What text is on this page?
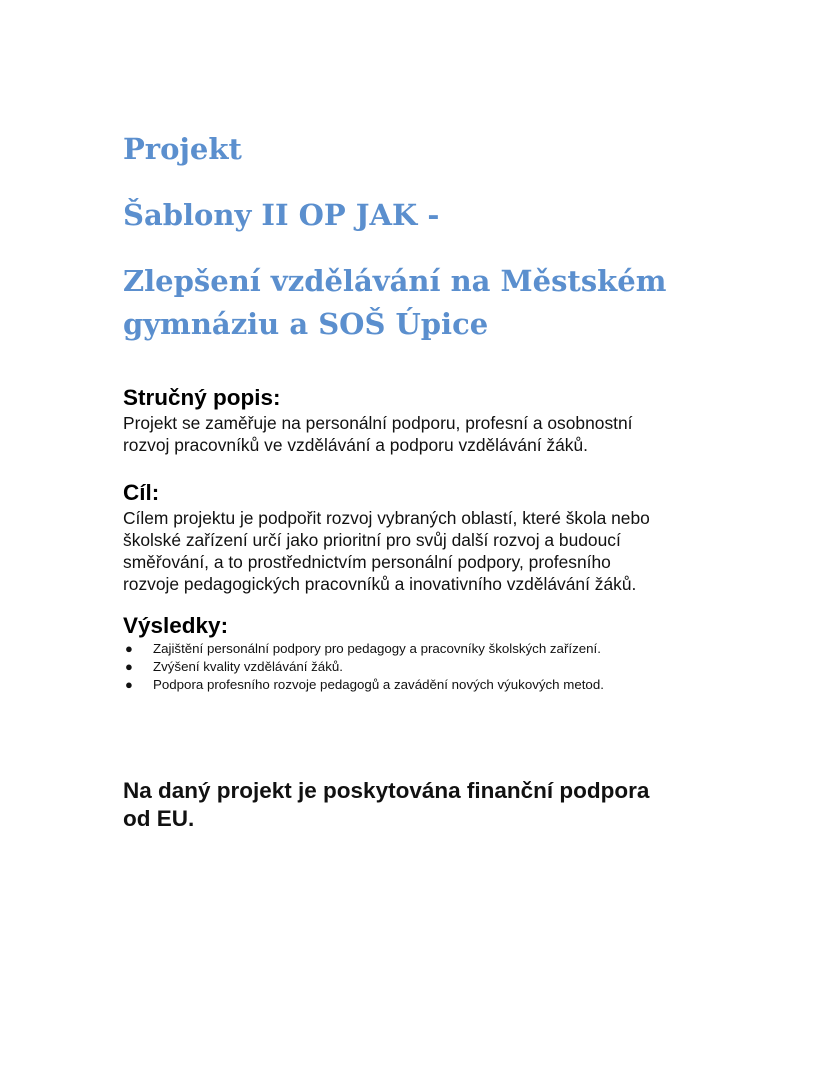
Projekt
Šablony II OP JAK -
Zlepšení vzdělávání na Městském
gymnáziu a SOŠ Úpice
Stručný popis:
Projekt se zaměřuje na personální podporu, profesní a osobnostní
rozvoj pracovníků ve vzdělávání a podporu vzdělávání žáků.
Cíl:
Cílem projektu je podpořit rozvoj vybraných oblastí, které škola nebo
školské zařízení určí jako prioritní pro svůj další rozvoj a budoucí
směřování, a to prostřednictvím personální podpory, profesního
rozvoje pedagogických pracovníků a inovativního vzdělávání žáků.
Výsledky:
● Zajištění personální podpory pro pedagogy a pracovníky školských zařízení.
● Zvýšení kvality vzdělávání žáků.
● Podpora profesního rozvoje pedagogů a zavádění nových výukových metod.
Na daný projekt je poskytována finanční podpora
od EU.
